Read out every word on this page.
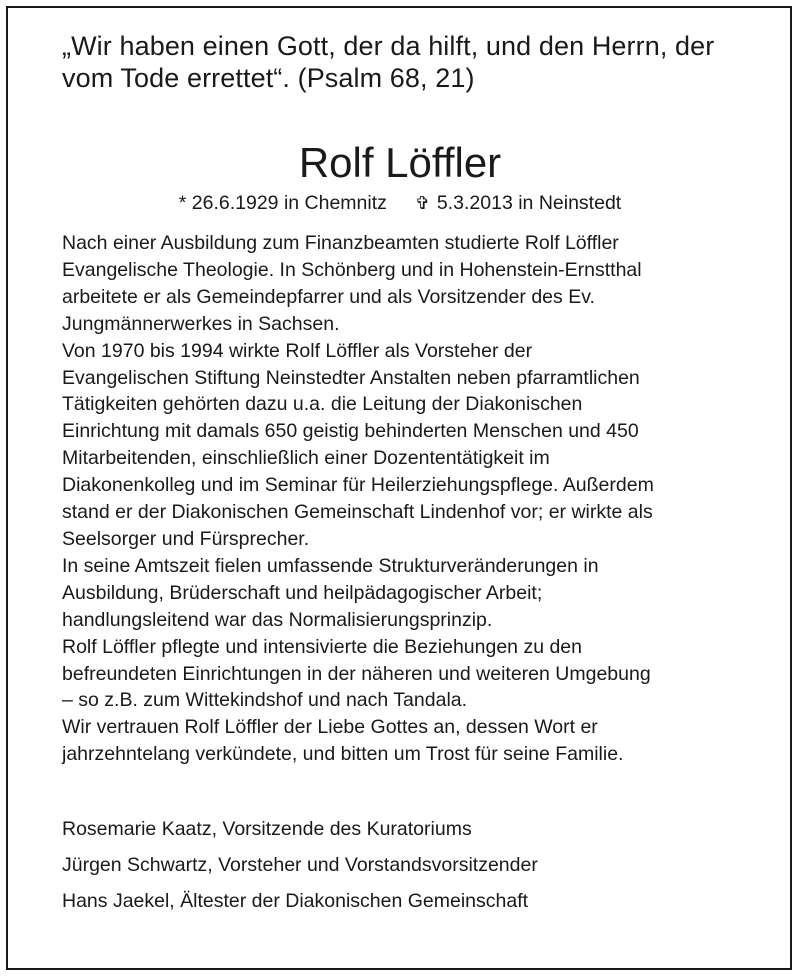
„Wir haben einen Gott, der da hilft, und den Herrn, der

vom Tode errettet“. (Psalm 68, 21)

Rolf Löffler
* 26.6.1929 in Chemnitz ✞ 5.3.2013 in Neinstedt

Nach einer Ausbildung zum Finanzbeamten studierte Rolf Löffler

Evangelische Theologie. In Schönberg und in Hohenstein-Ernstthal

arbeitete er als Gemeindepfarrer und als Vorsitzender des Ev.

Jungmännerwerkes in Sachsen.

Von 1970 bis 1994 wirkte Rolf Löffler als Vorsteher der

Evangelischen Stiftung Neinstedter Anstalten neben pfarramtlichen

Tätigkeiten gehörten dazu u.a. die Leitung der Diakonischen

Einrichtung mit damals 650 geistig behinderten Menschen und 450

Mitarbeitenden, einschließlich einer Dozententätigkeit im

Diakonenkolleg und im Seminar für Heilerziehungspflege. Außerdem

stand er der Diakonischen Gemeinschaft Lindenhof vor; er wirkte als

Seelsorger und Fürsprecher.

In seine Amtszeit fielen umfassende Strukturveränderungen in

Ausbildung, Brüderschaft und heilpädagogischer Arbeit;

handlungsleitend war das Normalisierungsprinzip.

Rolf Löffler pflegte und intensivierte die Beziehungen zu den

befreundeten Einrichtungen in der näheren und weiteren Umgebung

– so z.B. zum Wittekindshof und nach Tandala.

Wir vertrauen Rolf Löffler der Liebe Gottes an, dessen Wort er

jahrzehntelang verkündete, und bitten um Trost für seine Familie.

Rosemarie Kaatz, Vorsitzende des Kuratoriums

Jürgen Schwartz, Vorsteher und Vorstandsvorsitzender

Hans Jaekel, Ältester der Diakonischen Gemeinschaft
